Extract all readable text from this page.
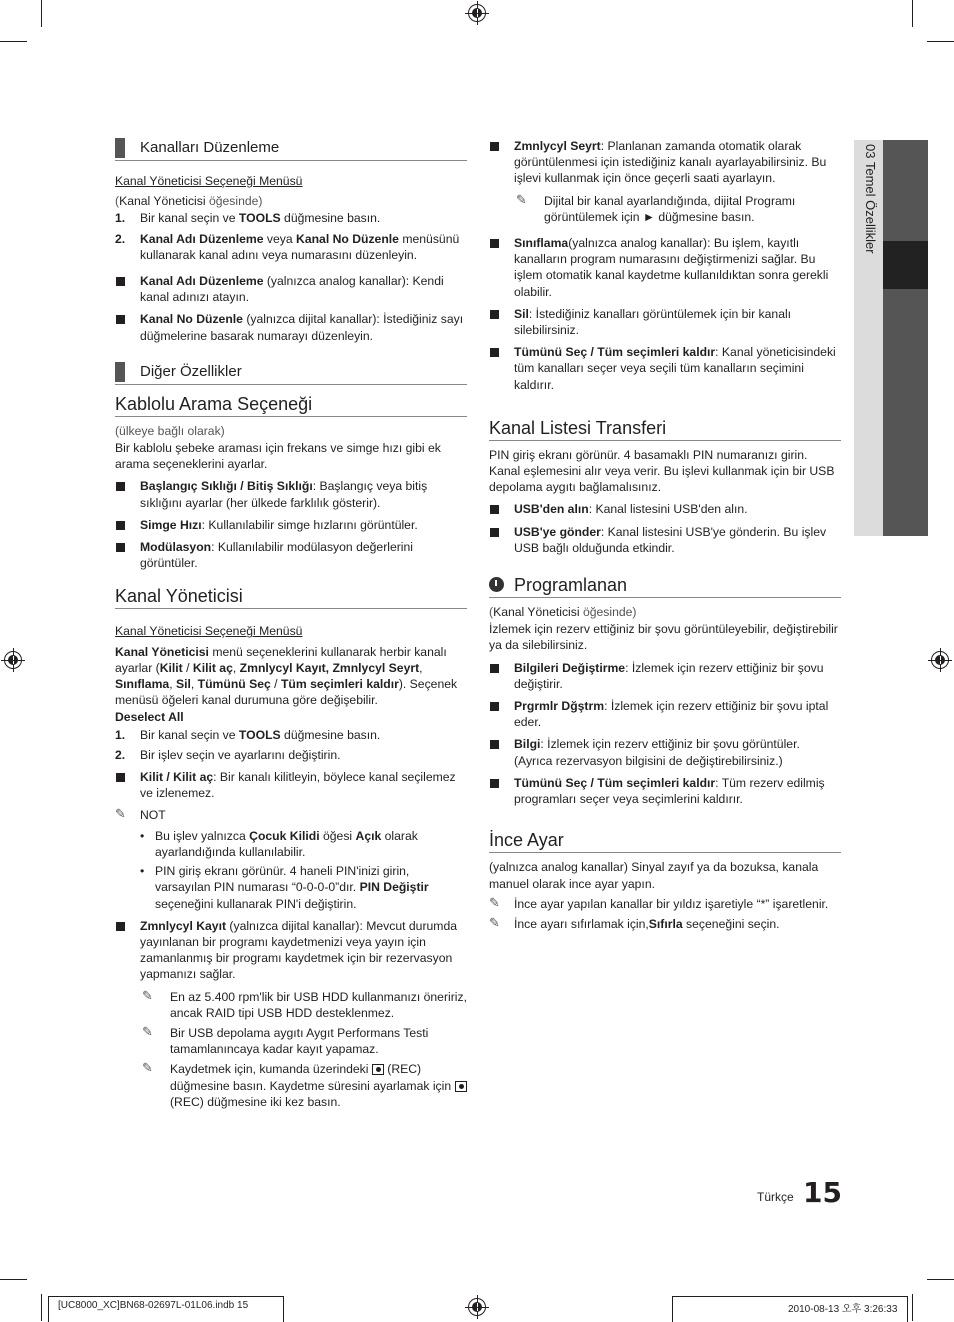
03 Temel Özellikler
Kanalları Düzenleme
Kanal Yöneticisi Seçeneği Menüsü
(Kanal Yöneticisi öğesinde)
1. Bir kanal seçin ve TOOLS düğmesine basın.
2. Kanal Adı Düzenleme veya Kanal No Düzenle menüsünü kullanarak kanal adını veya numarasını düzenleyin.
Kanal Adı Düzenleme (yalnızca analog kanallar): Kendi kanal adınızı atayın.
Kanal No Düzenle (yalnızca dijital kanallar): İstediğiniz sayı düğmelerine basarak numarayı düzenleyin.
Diğer Özellikler
Kablolu Arama Seçeneği
(ülkeye bağlı olarak)
Bir kablolu şebeke araması için frekans ve simge hızı gibi ek arama seçeneklerini ayarlar.
Başlangıç Sıklığı / Bitiş Sıklığı: Başlangıç veya bitiş sıklığını ayarlar (her ülkede farklılık gösterir).
Simge Hızı: Kullanılabilir simge hızlarını görüntüler.
Modülasyon: Kullanılabilir modülasyon değerlerini görüntüler.
Kanal Yöneticisi
Kanal Yöneticisi Seçeneği Menüsü
Kanal Yöneticisi menü seçeneklerini kullanarak herbir kanalı ayarlar (Kilit / Kilit aç, Zmnlycyl Kayıt, Zmnlycyl Seyrt, Sınıflama, Sil, Tümünü Seç / Tüm seçimleri kaldır). Seçenek menüsü öğeleri kanal durumuna göre değişebilir.
Deselect All
1. Bir kanal seçin ve TOOLS düğmesine basın.
2. Bir işlev seçin ve ayarlarını değiştirin.
Kilit / Kilit aç: Bir kanalı kilitleyin, böylece kanal seçilemez ve izlenemez.
✎ NOT
• Bu işlev yalnızca Çocuk Kilidi öğesi Açık olarak ayarlandığında kullanılabilir.
• PIN giriş ekranı görünür. 4 haneli PIN'inizi girin, varsayılan PIN numarası “0-0-0-0”dır. PIN Değiştir seçeneğini kullanarak PIN'i değiştirin.
Zmnlycyl Kayıt (yalnızca dijital kanallar): Mevcut durumda yayınlanan bir programı kaydetmenizi veya yayın için zamanlanmış bir programı kaydetmek için bir rezervasyon yapmanızı sağlar.
✎ En az 5.400 rpm'lik bir USB HDD kullanmanızı öneririz, ancak RAID tipi USB HDD desteklenmez.
✎ Bir USB depolama aygıtı Aygıt Performans Testi tamamlanıncaya kadar kayıt yapamaz.
✎ Kaydetmek için, kumanda üzerindeki  (REC) düğmesine basın. Kaydetme süresini ayarlamak için  (REC) düğmesine iki kez basın.
Zmnlycyl Seyrt: Planlanan zamanda otomatik olarak görüntülenmesi için istediğiniz kanalı ayarlayabilirsiniz. Bu işlevi kullanmak için önce geçerli saati ayarlayın.
✎ Dijital bir kanal ayarlandığında, dijital Programı görüntülemek için ► düğmesine basın.
Sınıflama(yalnızca analog kanallar): Bu işlem, kayıtlı kanalların program numarasını değiştirmenizi sağlar. Bu işlem otomatik kanal kaydetme kullanıldıktan sonra gerekli olabilir.
Sil: İstediğiniz kanalları görüntülemek için bir kanalı silebilirsiniz.
Tümünü Seç / Tüm seçimleri kaldır: Kanal yöneticisindeki tüm kanalları seçer veya seçili tüm kanalların seçimini kaldırır.
Kanal Listesi Transferi
PIN giriş ekranı görünür. 4 basamaklı PIN numaranızı girin. Kanal eşlemesini alır veya verir. Bu işlevi kullanmak için bir USB depolama aygıtı bağlamalısınız.
USB'den alın: Kanal listesini USB'den alın.
USB'ye gönder: Kanal listesini USB'ye gönderin. Bu işlev USB bağlı olduğunda etkindir.
Programlanan
(Kanal Yöneticisi öğesinde)
İzlemek için rezerv ettiğiniz bir şovu görüntüleyebilir, değiştirebilir ya da silebilirsiniz.
Bilgileri Değiştirme: İzlemek için rezerv ettiğiniz bir şovu değiştirir.
Prgrmlr Dğştrm: İzlemek için rezerv ettiğiniz bir şovu iptal eder.
Bilgi: İzlemek için rezerv ettiğiniz bir şovu görüntüler. (Ayrıca rezervasyon bilgisini de değiştirebilirsiniz.)
Tümünü Seç / Tüm seçimleri kaldır: Tüm rezerv edilmiş programları seçer veya seçimlerini kaldırır.
İnce Ayar
(yalnızca analog kanallar) Sinyal zayıf ya da bozuksa, kanala manuel olarak ince ayar yapın.
✎ İnce ayar yapılan kanallar bir yıldız işaretiyle “*” işaretlenir.
✎ İnce ayarı sıfırlamak için,Sıfırla seçeneğini seçin.
Türkçe 15
[UC8000_XC]BN68-02697L-01L06.indb 15	2010-08-13 오후 3:26:33
